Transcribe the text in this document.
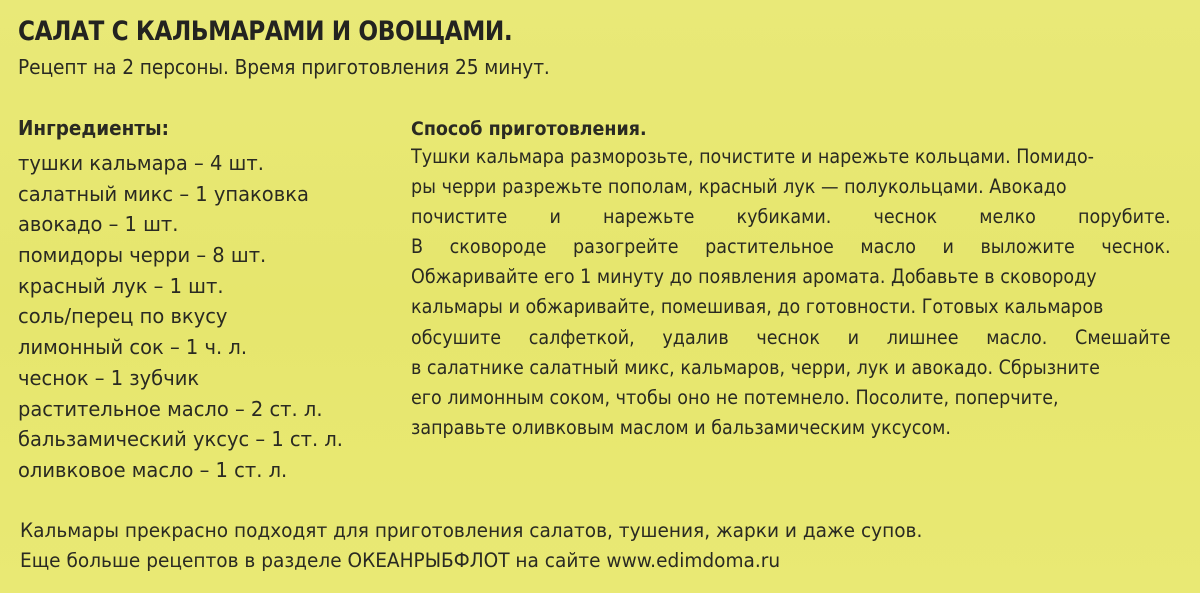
САЛАТ С КАЛЬМАРАМИ И ОВОЩАМИ.
Рецепт на 2 персоны. Время приготовления 25 минут.
Ингредиенты:
тушки кальмара – 4 шт.
салатный микс – 1 упаковка
авокадо – 1 шт.
помидоры черри – 8 шт.
красный лук – 1 шт.
соль/перец по вкусу
лимонный сок – 1 ч. л.
чеснок – 1 зубчик
растительное масло – 2 ст. л.
бальзамический уксус – 1 ст. л.
оливковое масло – 1 ст. л.
Способ приготовления.
Тушки кальмара разморозьте, почистите и нарежьте кольцами. Помидо-
ры черри разрежьте пополам, красный лук — полукольцами. Авокадо
почистите и нарежьте кубиками. чеснок мелко порубите.
В сковороде разогрейте растительное масло и выложите чеснок.
Обжаривайте его 1 минуту до появления аромата. Добавьте в сковороду
кальмары и обжаривайте, помешивая, до готовности. Готовых кальмаров
обсушите салфеткой, удалив чеснок и лишнее масло. Смешайте
в салатнике салатный микс, кальмаров, черри, лук и авокадо. Сбрызните
его лимонным соком, чтобы оно не потемнело. Посолите, поперчите,
заправьте оливковым маслом и бальзамическим уксусом.
Кальмары прекрасно подходят для приготовления салатов, тушения, жарки и даже супов.
Еще больше рецептов в разделе ОКЕАНРЫБФЛОТ на сайте www.edimdoma.ru
